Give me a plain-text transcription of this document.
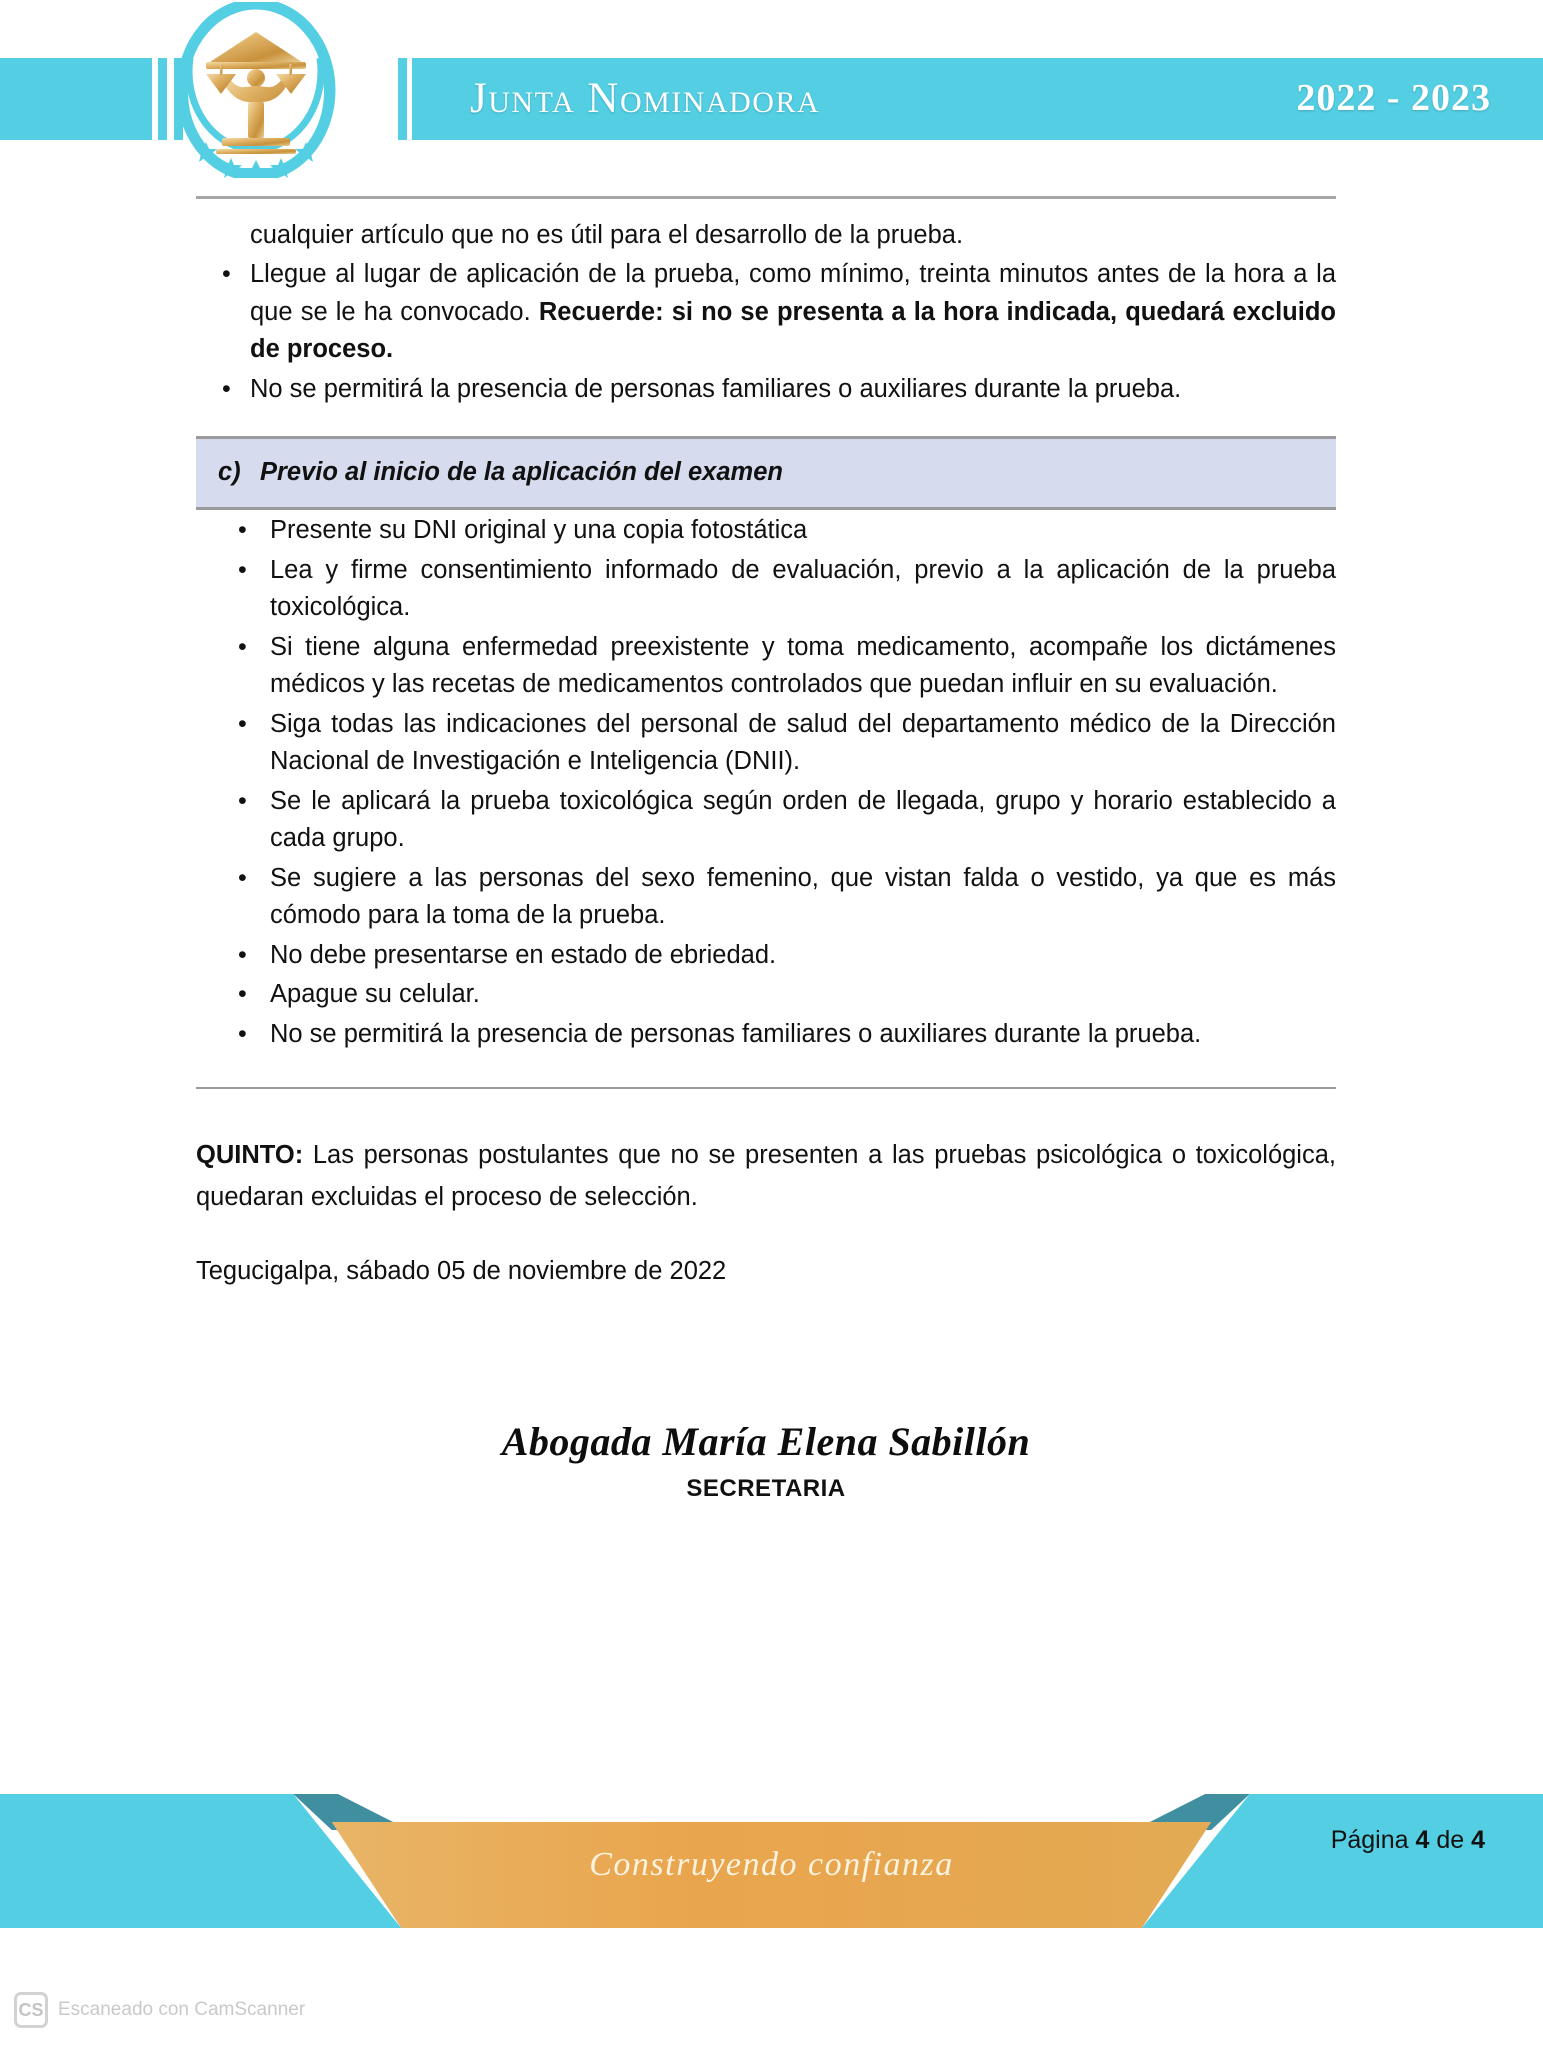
Junta Nominadora	2022 - 2023

cualquier artículo que no es útil para el desarrollo de la prueba.

• Llegue al lugar de aplicación de la prueba, como mínimo, treinta minutos antes de la hora a la que se le ha convocado. Recuerde: si no se presenta a la hora indicada, quedará excluido de proceso.
• No se permitirá la presencia de personas familiares o auxiliares durante la prueba.
c) Previo al inicio de la aplicación del examen
• Presente su DNI original y una copia fotostática
• Lea y firme consentimiento informado de evaluación, previo a la aplicación de la prueba toxicológica.
• Si tiene alguna enfermedad preexistente y toma medicamento, acompañe los dictámenes médicos y las recetas de medicamentos controlados que puedan influir en su evaluación.
• Siga todas las indicaciones del personal de salud del departamento médico de la Dirección Nacional de Investigación e Inteligencia (DNII).
• Se le aplicará la prueba toxicológica según orden de llegada, grupo y horario establecido a cada grupo.
• Se sugiere a las personas del sexo femenino, que vistan falda o vestido, ya que es más cómodo para la toma de la prueba.
• No debe presentarse en estado de ebriedad.
• Apague su celular.
• No se permitirá la presencia de personas familiares o auxiliares durante la prueba.

QUINTO: Las personas postulantes que no se presenten a las pruebas psicológica o toxicológica, quedaran excluidas el proceso de selección.

Tegucigalpa, sábado 05 de noviembre de 2022

Abogada María Elena Sabillón
SECRETARIA
Construyendo confianza
Página 4 de 4
CS Escaneado con CamScanner
